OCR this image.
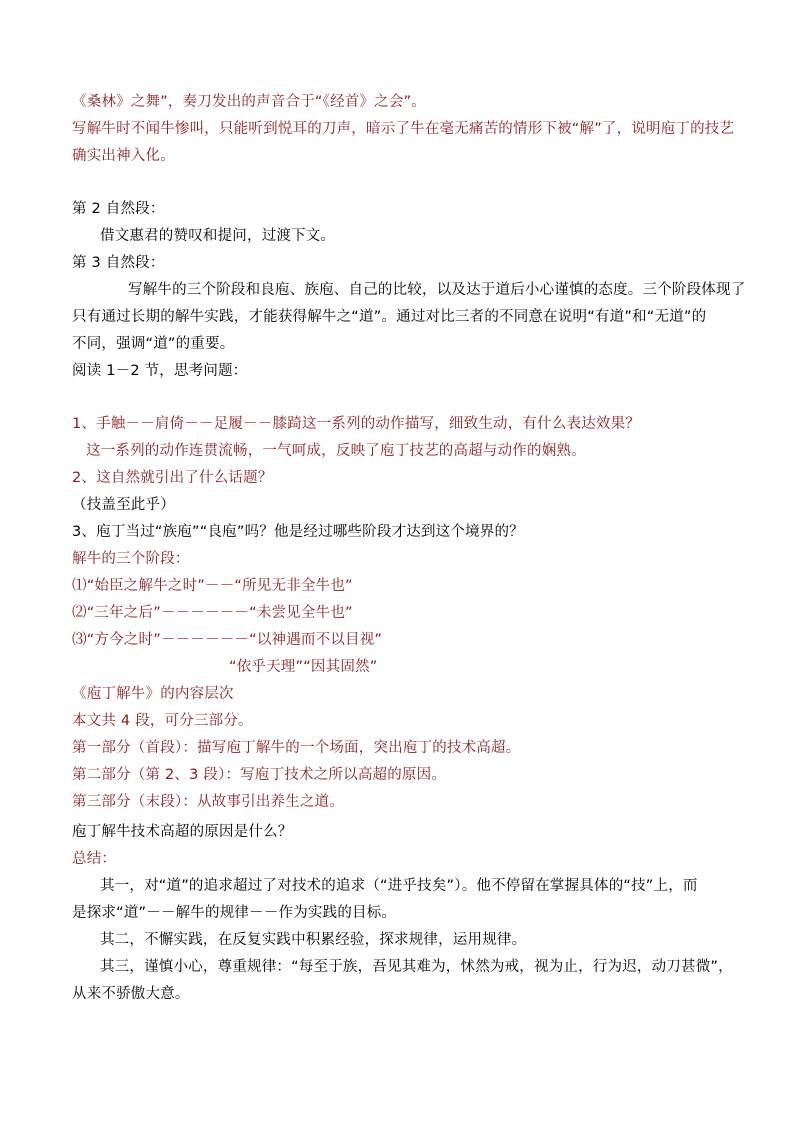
《桑林》之舞”，奏刀发出的声音合于“《经首》之会”。
写解牛时不闻牛惨叫，只能听到悦耳的刀声，暗示了牛在毫无痛苦的情形下被“解”了，说明庖丁的技艺
确实出神入化。
第 2 自然段：
借文惠君的赞叹和提问，过渡下文。
第 3 自然段：
写解牛的三个阶段和良庖、族庖、自己的比较，以及达于道后小心谨慎的态度。三个阶段体现了
只有通过长期的解牛实践，才能获得解牛之“道”。通过对比三者的不同意在说明“有道”和“无道”的
不同，强调“道”的重要。
阅读 1－2 节，思考问题：
1、手触－－肩倚－－足履－－膝踦这一系列的动作描写，细致生动，有什么表达效果？
这一系列的动作连贯流畅，一气呵成，反映了庖丁技艺的高超与动作的娴熟。
2、这自然就引出了什么话题？
（技盖至此乎）
3、庖丁当过“族庖”“良庖”吗？他是经过哪些阶段才达到这个境界的？
解牛的三个阶段：
⑴“始臣之解牛之时”－－“所见无非全牛也”
⑵“三年之后”－－－－－－“未尝见全牛也”
⑶“方今之时”－－－－－－“以神遇而不以目视”
“依乎天理”“因其固然”
《庖丁解牛》的内容层次
本文共 4 段，可分三部分。
第一部分（首段）：描写庖丁解牛的一个场面，突出庖丁的技术高超。
第二部分（第 2、3 段）：写庖丁技术之所以高超的原因。
第三部分（末段）：从故事引出养生之道。
庖丁解牛技术高超的原因是什么？
总结：
其一，对“道”的追求超过了对技术的追求（“进乎技矣”）。他不停留在掌握具体的“技”上，而
是探求“道”－－解牛的规律－－作为实践的目标。
其二，不懈实践，在反复实践中积累经验，探求规律，运用规律。
其三，谨慎小心，尊重规律：“每至于族，吾见其难为，怵然为戒，视为止，行为迟，动刀甚微”，
从来不骄傲大意。
